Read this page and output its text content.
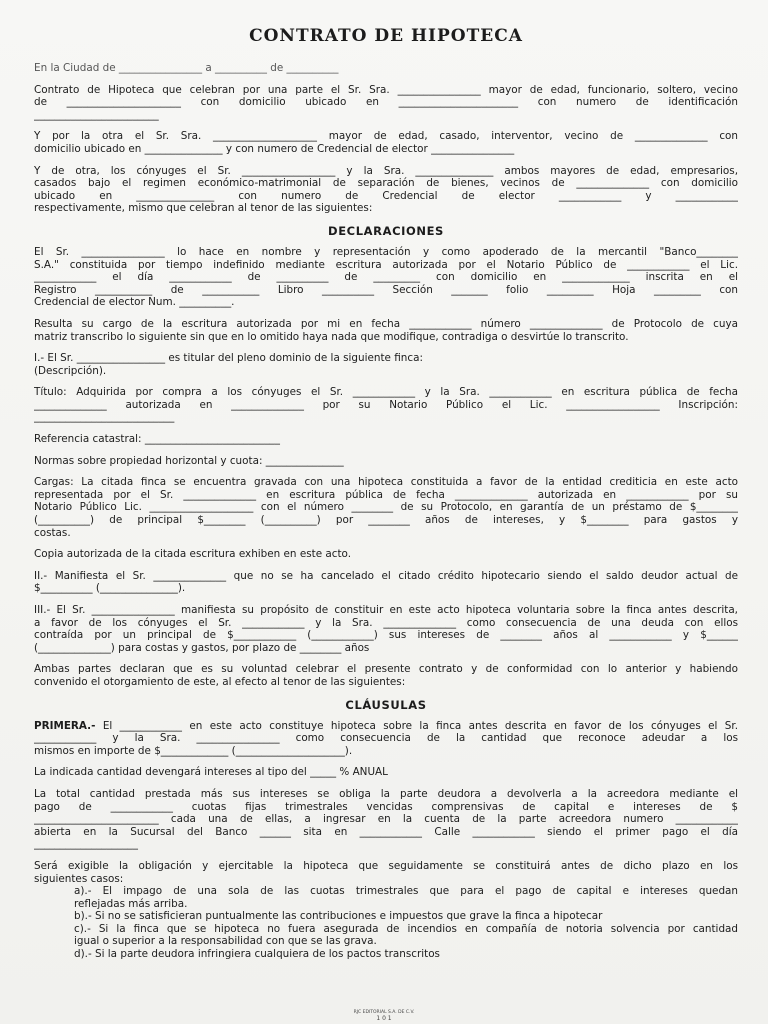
CONTRATO DE HIPOTECA
En la Ciudad de ________________ a __________ de __________
Contrato de Hipoteca que celebran por una parte el Sr. Sra. ________________ mayor de edad, funcionario, soltero, vecino
de ______________________ con domicilio ubicado en _______________________ con numero de identificación
________________________
Y por la otra el Sr. Sra. ____________________ mayor de edad, casado, interventor, vecino de ______________ con
domicilio ubicado en _______________ y con numero de Credencial de elector ________________
Y de otra, los cónyuges el Sr. __________________ y la Sra. _______________ ambos mayores de edad, empresarios,
casados bajo el regimen económico-matrimonial de separación de bienes, vecinos de ______________ con domicilio
ubicado en _______________ con numero de Credencial de elector ____________ y ____________
respectivamente, mismo que celebran al tenor de las siguientes:
DECLARACIONES
El Sr. ________________ lo hace en nombre y representación y como apoderado de la mercantil "Banco________
S.A." constituida por tiempo indefinido mediante escritura autorizada por el Notario Público de ____________ el Lic.
____________ el día ____________ de __________ de _________ con domicilio en _____________ inscrita en el
Registro ___________ de ___________ Libro __________ Sección _______ folio _________ Hoja _________ con
Credencial de elector Num. __________.
Resulta su cargo de la escritura autorizada por mi en fecha ____________ número ______________ de Protocolo de cuya
matriz transcribo lo siguiente sin que en lo omitido haya nada que modifique, contradiga o desvirtúe lo transcrito.
I.- El Sr. _________________ es titular del pleno dominio de la siguiente finca:
(Descripción).
Título: Adquirida por compra a los cónyuges el Sr. ____________ y la Sra. ____________ en escritura pública de fecha
______________ autorizada en ______________ por su Notario Público el Lic. __________________ Inscripción:
___________________________
Referencia catastral: __________________________
Normas sobre propiedad horizontal y cuota: _______________
Cargas: La citada finca se encuentra gravada con una hipoteca constituida a favor de la entidad crediticia en este acto
representada por el Sr. ______________ en escritura pública de fecha ______________ autorizada en ____________ por su
Notario Público Lic. ____________________ con el número ________ de su Protocolo, en garantía de un préstamo de $________
(__________) de principal $________ (__________) por ________ años de intereses, y $________ para gastos y
costas.
Copia autorizada de la citada escritura exhiben en este acto.
II.- Manifiesta el Sr. ______________ que no se ha cancelado el citado crédito hipotecario siendo el saldo deudor actual de
$__________ (_______________).
III.- El Sr. ________________ manifiesta su propósito de constituir en este acto hipoteca voluntaria sobre la finca antes descrita,
a favor de los cónyuges el Sr. ____________ y la Sra. ______________ como consecuencia de una deuda con ellos
contraída por un principal de $____________ (____________) sus intereses de ________ años al ____________ y $______
(______________) para costas y gastos, por plazo de ________ años
Ambas partes declaran que es su voluntad celebrar el presente contrato y de conformidad con lo anterior y habiendo
convenido el otorgamiento de este, al efecto al tenor de las siguientes:
CLÁUSULAS
PRIMERA.- El ____________ en este acto constituye hipoteca sobre la finca antes descrita en favor de los cónyuges el Sr.
____________ y la Sra. ________________ como consecuencia de la cantidad que reconoce adeudar a los
mismos en importe de $_____________ (_____________________).
La indicada cantidad devengará intereses al tipo del _____ % ANUAL
La total cantidad prestada más sus intereses se obliga la parte deudora a devolverla a la acreedora mediante el
pago de ____________ cuotas fijas trimestrales vencidas comprensivas de capital e intereses de $
________________________ cada una de ellas, a ingresar en la cuenta de la parte acreedora numero ____________
abierta en la Sucursal del Banco ______ sita en ____________ Calle ____________ siendo el primer pago el día
____________________
Será exigible la obligación y ejercitable la hipoteca que seguidamente se constituirá antes de dicho plazo en los
siguientes casos:
a).- El impago de una sola de las cuotas trimestrales que para el pago de capital e intereses quedan
reflejadas más arriba.
b).- Si no se satisficieran puntualmente las contribuciones e impuestos que grave la finca a hipotecar
c).- Si la finca que se hipoteca no fuera asegurada de incendios en compañía de notoria solvencia por cantidad
igual o superior a la responsabilidad con que se las grava.
d).- Si la parte deudora infringiera cualquiera de los pactos transcritos
RJC EDITORIAL S.A. DE C.V.
1 0 1
